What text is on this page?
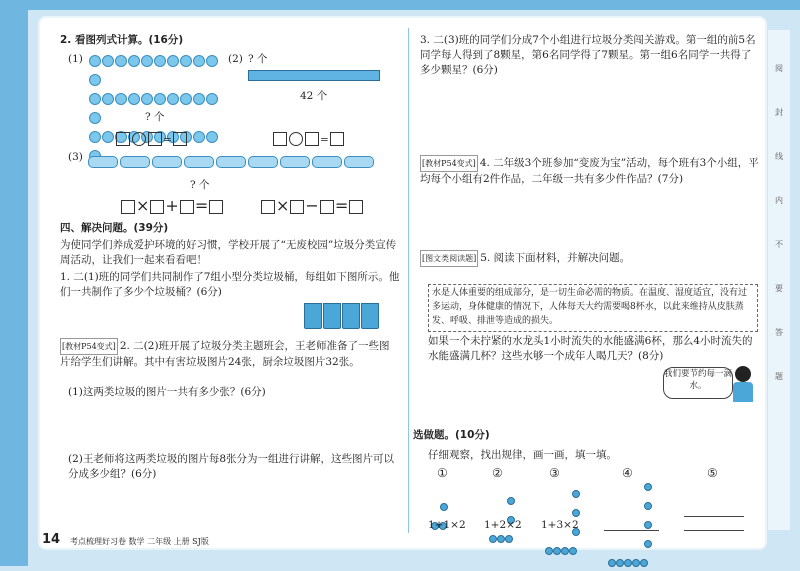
阅
封
线
内
不
要
答
题
2. 看图列式计算。(16分)
(1)

? 个
=
(2) ? 个
42 个
=
(3)
? 个
× + =	× − =
四、解决问题。(39分)
为使同学们养成爱护环境的好习惯，学校开展了“无废校园”垃圾分类宣传周活动，让我们一起来看看吧！
1. 二(1)班的同学们共同制作了7组小型分类垃圾桶，每组如下图所示。他们一共制作了多少个垃圾桶？(6分)
[教材P54变式] 2. 二(2)班开展了垃圾分类主题班会，王老师准备了一些图片给学生们讲解。其中有害垃圾图片24张，厨余垃圾图片32张。
(1)这两类垃圾的图片一共有多少张？(6分)
(2)王老师将这两类垃圾的图片每8张分为一组进行讲解，这些图片可以分成多少组？(6分)
3. 二(3)班的同学们分成7个小组进行垃圾分类闯关游戏。第一组的前5名同学每人得到了8颗星，第6名同学得了7颗星。第一组6名同学一共得了多少颗星？(6分)
[教材P54变式] 4. 二年级3个班参加“变废为宝”活动，每个班有3个小组，平均每个小组有2件作品，二年级一共有多少件作品？(7分)
[图文类阅读题] 5. 阅读下面材料，并解决问题。
水是人体重要的组成部分，是一切生命必需的物质。在温度、湿度适宜，没有过多运动，身体健康的情况下，人体每天大约需要喝8杯水，以此来维持从皮肤蒸发、呼吸、排泄等造成的损失。
如果一个未拧紧的水龙头1小时流失的水能盛满6杯，那么4小时流失的水能盛满几杯？这些水够一个成年人喝几天？(8分)
我们要节约每一滴水。
选做题。(10分)
仔细观察，找出规律，画一画，填一填。
①	②	③	④	⑤
1+1×2 1+2×2 1+3×2
14 考点梳理好习卷 数学 二年级 上册 SJ版
